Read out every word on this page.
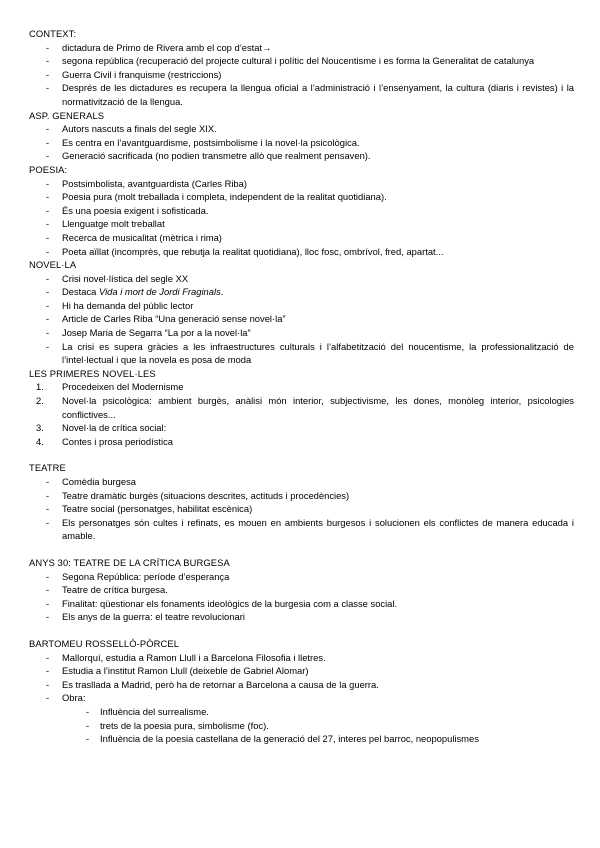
CONTEXT:
- dictadura de Primo de Rivera amb el cop d’estat→
- segona república (recuperació del projecte cultural i polític del Noucentisme i es forma la Generalitat de catalunya
- Guerra Civil i franquisme (restriccions)
- Després de les dictadures es recupera la llengua oficial a l’administració i l’ensenyament, la cultura (diaris i revistes) i la normativització de la llengua.
ASP. GENERALS
- Autors nascuts a finals del segle XIX.
- Es centra en l’avantguardisme, postsimbolisme i la novel·la psicològica.
- Generació sacrificada (no podien transmetre allò que realment pensaven).
POESIA:
- Postsimbolista, avantguardista (Carles Riba)
- Poesia pura (molt treballada i completa, independent de la realitat quotidiana).
- És una poesia exigent i sofisticada.
- Llenguatge molt treballat
- Recerca de musicalitat (mètrica i rima)
- Poeta aïllat (incomprès, que rebutja la realitat quotidiana), lloc fosc, ombrívol, fred, apartat...
NOVEL·LA
- Crisi novel·lística del segle XX
- Destaca Vida i mort de Jordi Fraginals.
- Hi ha demanda del públic lector
- Article de Carles Riba “Una generació sense novel·la”
- Josep Maria de Segarra “La por a la novel·la”
- La crisi es supera gràcies a les infraestructures culturals i l’alfabetització del noucentisme, la professionalització de l’intel·lectual i que la novela es posa de moda
LES PRIMERES NOVEL·LES
1. Procedeixen del Modernisme
2. Novel·la psicològica: ambient burgès, anàlisi món interior, subjectivisme, les dones, monòleg interior, psicologies conflictives...
3. Novel·la de crítica social:
4. Contes i prosa periodística
TEATRE
- Comèdia burgesa
- Teatre dramàtic burgès (situacions descrites, actituds i procedències)
- Teatre social (personatges, habilitat escènica)
- Els personatges són cultes i refinats, es mouen en ambients burgesos i solucionen els conflictes de manera educada i amable.
ANYS 30: TEATRE DE LA CRÍTICA BURGESA
- Segona República: període d’esperança
- Teatre de crítica burgesa.
- Finalitat: qüestionar els fonaments ideològics de la burgesia com a classe social.
- Els anys de la guerra: el teatre revolucionari
BARTOMEU ROSSELLÓ-PÒRCEL
- Mallorquí, estudia a Ramon Llull i a Barcelona Filosofia i lletres.
- Estudia a l’institut Ramon Llull (deixeble de Gabriel Alomar)
- Es trasllada a Madrid, però ha de retornar a Barcelona a causa de la guerra.
- Obra:
- Influència del surrealisme.
- trets de la poesia pura, simbolisme (foc).
- Influència de la poesia castellana de la generació del 27, interes pel barroc, neopopulismes
